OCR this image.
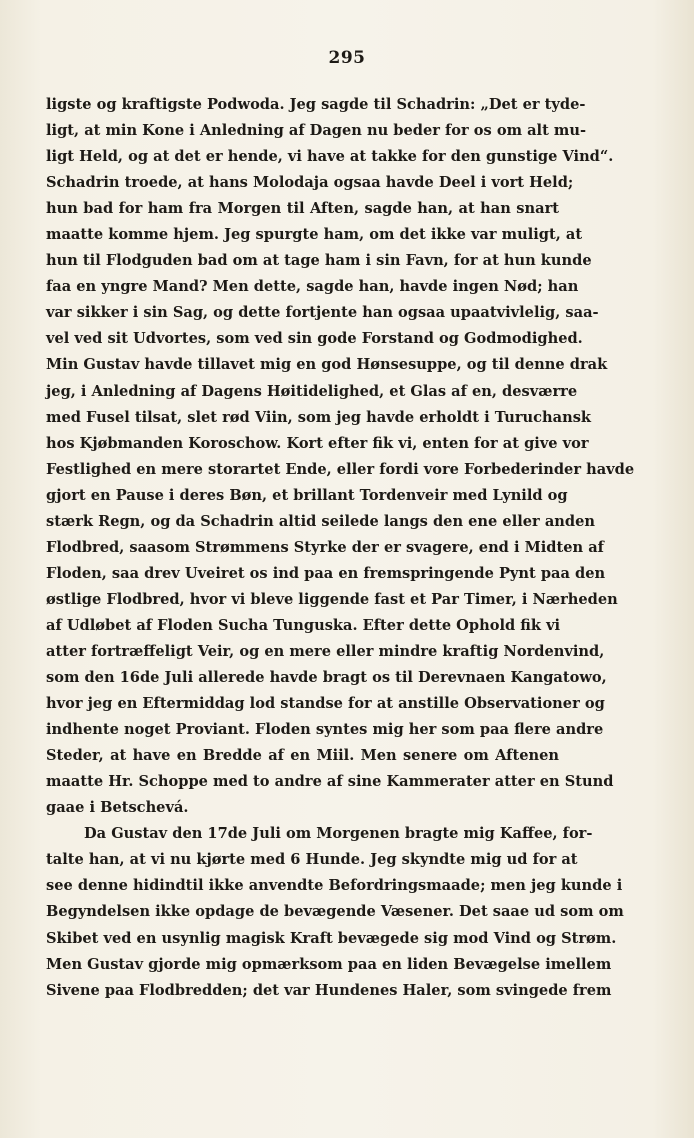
295
ligste og kraftigste Podwoda. Jeg sagde til Schadrin: „Det er tyde-
ligt, at min Kone i Anledning af Dagen nu beder for os om alt mu-
ligt Held, og at det er hende, vi have at takke for den gunstige Vind“.
Schadrin troede, at hans Molodaja ogsaa havde Deel i vort Held;
hun bad for ham fra Morgen til Aften, sagde han, at han snart
maatte komme hjem. Jeg spurgte ham, om det ikke var muligt, at
hun til Flodguden bad om at tage ham i sin Favn, for at hun kunde
faa en yngre Mand? Men dette, sagde han, havde ingen Nød; han
var sikker i sin Sag, og dette fortjente han ogsaa upaatvivlelig, saa-
vel ved sit Udvortes, som ved sin gode Forstand og Godmodighed.
Min Gustav havde tillavet mig en god Hønsesuppe, og til denne drak
jeg, i Anledning af Dagens Høitidelighed, et Glas af en, desværre
med Fusel tilsat, slet rød Viin, som jeg havde erholdt i Turuchansk
hos Kjøbmanden Koroschow. Kort efter fik vi, enten for at give vor
Festlighed en mere storartet Ende, eller fordi vore Forbederinder havde
gjort en Pause i deres Bøn, et brillant Tordenveir med Lynild og
stærk Regn, og da Schadrin altid seilede langs den ene eller anden
Flodbred, saasom Strømmens Styrke der er svagere, end i Midten af
Floden, saa drev Uveiret os ind paa en fremspringende Pynt paa den
østlige Flodbred, hvor vi bleve liggende fast et Par Timer, i Nærheden
af Udløbet af Floden Sucha Tunguska. Efter dette Ophold fik vi
atter fortræffeligt Veir, og en mere eller mindre kraftig Nordenvind,
som den 16de Juli allerede havde bragt os til Derevnaen Kangatowo,
hvor jeg en Eftermiddag lod standse for at anstille Observationer og
indhente noget Proviant. Floden syntes mig her som paa flere andre
Steder, at have en Bredde af en Miil. Men senere om Aftenen
maatte Hr. Schoppe med to andre af sine Kammerater atter en Stund
gaae i Betschevá.
Da Gustav den 17de Juli om Morgenen bragte mig Kaffee, for-
talte han, at vi nu kjørte med 6 Hunde. Jeg skyndte mig ud for at
see denne hidindtil ikke anvendte Befordringsmaade; men jeg kunde i
Begyndelsen ikke opdage de bevægende Væsener. Det saae ud som om
Skibet ved en usynlig magisk Kraft bevægede sig mod Vind og Strøm.
Men Gustav gjorde mig opmærksom paa en liden Bevægelse imellem
Sivene paa Flodbredden; det var Hundenes Haler, som svingede frem
